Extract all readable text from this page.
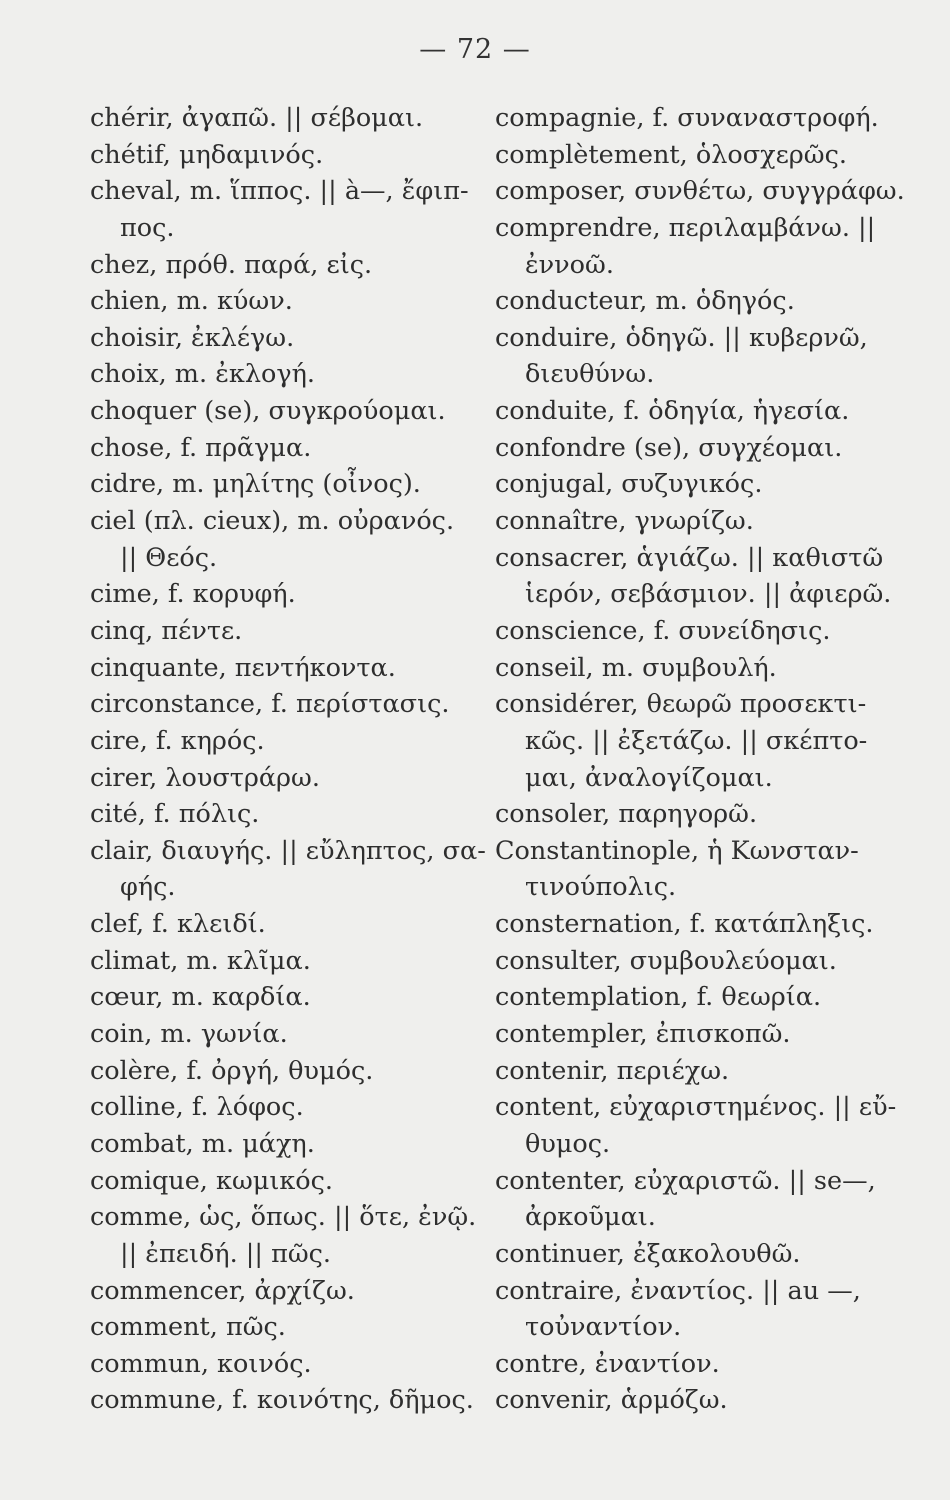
— 72 —
chérir, ἀγαπῶ. || σέβομαι.
chétif, μηδαμινός.
cheval, m. ἵππος. || à—, ἔφιπ-
πος.
chez, πρόθ. παρά, εἰς.
chien, m. κύων.
choisir, ἐκλέγω.
choix, m. ἐκλογή.
choquer (se), συγκρούομαι.
chose, f. πρᾶγμα.
cidre, m. μηλίτης (οἶνος).
ciel (πλ. cieux), m. οὐρανός.
|| Θεός.
cime, f. κορυφή.
cinq, πέντε.
cinquante, πεντήκοντα.
circonstance, f. περίστασις.
cire, f. κηρός.
cirer, λουστράρω.
cité, f. πόλις.
clair, διαυγής. || εὔληπτος, σα-
φής.
clef, f. κλειδί.
climat, m. κλῖμα.
cœur, m. καρδία.
coin, m. γωνία.
colère, f. ὀργή, θυμός.
colline, f. λόφος.
combat, m. μάχη.
comique, κωμικός.
comme, ὡς, ὅπως. || ὅτε, ἐνῷ.
|| ἐπειδή. || πῶς.
commencer, ἀρχίζω.
comment, πῶς.
commun, κοινός.
commune, f. κοινότης, δῆμος.
compagnie, f. συναναστροφή.
complètement, ὁλοσχερῶς.
composer, συνθέτω, συγγράφω.
comprendre, περιλαμβάνω. ||
ἐννοῶ.
conducteur, m. ὁδηγός.
conduire, ὁδηγῶ. || κυβερνῶ,
διευθύνω.
conduite, f. ὁδηγία, ἡγεσία.
confondre (se), συγχέομαι.
conjugal, συζυγικός.
connaître, γνωρίζω.
consacrer, ἁγιάζω. || καθιστῶ
ἱερόν, σεβάσμιον. || ἀφιερῶ.
conscience, f. συνείδησις.
conseil, m. συμβουλή.
considérer, θεωρῶ προσεκτι-
κῶς. || ἐξετάζω. || σκέπτο-
μαι, ἀναλογίζομαι.
consoler, παρηγορῶ.
Constantinople, ἡ Κωνσταν-
τινούπολις.
consternation, f. κατάπληξις.
consulter, συμβουλεύομαι.
contemplation, f. θεωρία.
contempler, ἐπισκοπῶ.
contenir, περιέχω.
content, εὐχαριστημένος. || εὔ-
θυμος.
contenter, εὐχαριστῶ. || se—,
ἀρκοῦμαι.
continuer, ἐξακολουθῶ.
contraire, ἐναντίος. || au —,
τοὐναντίον.
contre, ἐναντίον.
convenir, ἁρμόζω.
